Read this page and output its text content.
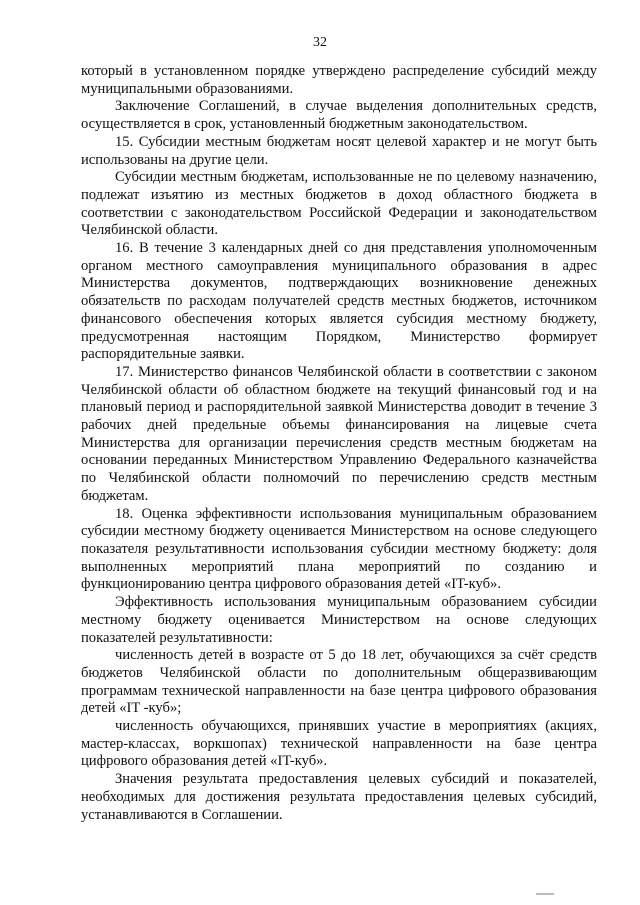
32

который в установленном порядке утверждено распределение субсидий между муниципальными образованиями.

Заключение Соглашений, в случае выделения дополнительных средств, осуществляется в срок, установленный бюджетным законодательством.

15. Субсидии местным бюджетам носят целевой характер и не могут быть использованы на другие цели.

Субсидии местным бюджетам, использованные не по целевому назначению, подлежат изъятию из местных бюджетов в доход областного бюджета в соответствии с законодательством Российской Федерации и законодательством Челябинской области.

16. В течение 3 календарных дней со дня представления уполномоченным органом местного самоуправления муниципального образования в адрес Министерства документов, подтверждающих возникновение денежных обязательств по расходам получателей средств местных бюджетов, источником финансового обеспечения которых является субсидия местному бюджету, предусмотренная настоящим Порядком, Министерство формирует распорядительные заявки.

17. Министерство финансов Челябинской области в соответствии с законом Челябинской области об областном бюджете на текущий финансовый год и на плановый период и распорядительной заявкой Министерства доводит в течение 3 рабочих дней предельные объемы финансирования на лицевые счета Министерства для организации перечисления средств местным бюджетам на основании переданных Министерством Управлению Федерального казначейства по Челябинской области полномочий по перечислению средств местным бюджетам.

18. Оценка эффективности использования муниципальным образованием субсидии местному бюджету оценивается Министерством на основе следующего показателя результативности использования субсидии местному бюджету: доля выполненных мероприятий плана мероприятий по созданию и функционированию центра цифрового образования детей «IT-куб».

Эффективность использования муниципальным образованием субсидии местному бюджету оценивается Министерством на основе следующих показателей результативности:

численность детей в возрасте от 5 до 18 лет, обучающихся за счёт средств бюджетов Челябинской области по дополнительным общеразвивающим программам технической направленности на базе центра цифрового образования детей «IT -куб»;

численность обучающихся, принявших участие в мероприятиях (акциях, мастер-классах, воркшопах) технической направленности на базе центра цифрового образования детей «IT-куб».

Значения результата предоставления целевых субсидий и показателей, необходимых для достижения результата предоставления целевых субсидий, устанавливаются в Соглашении.
